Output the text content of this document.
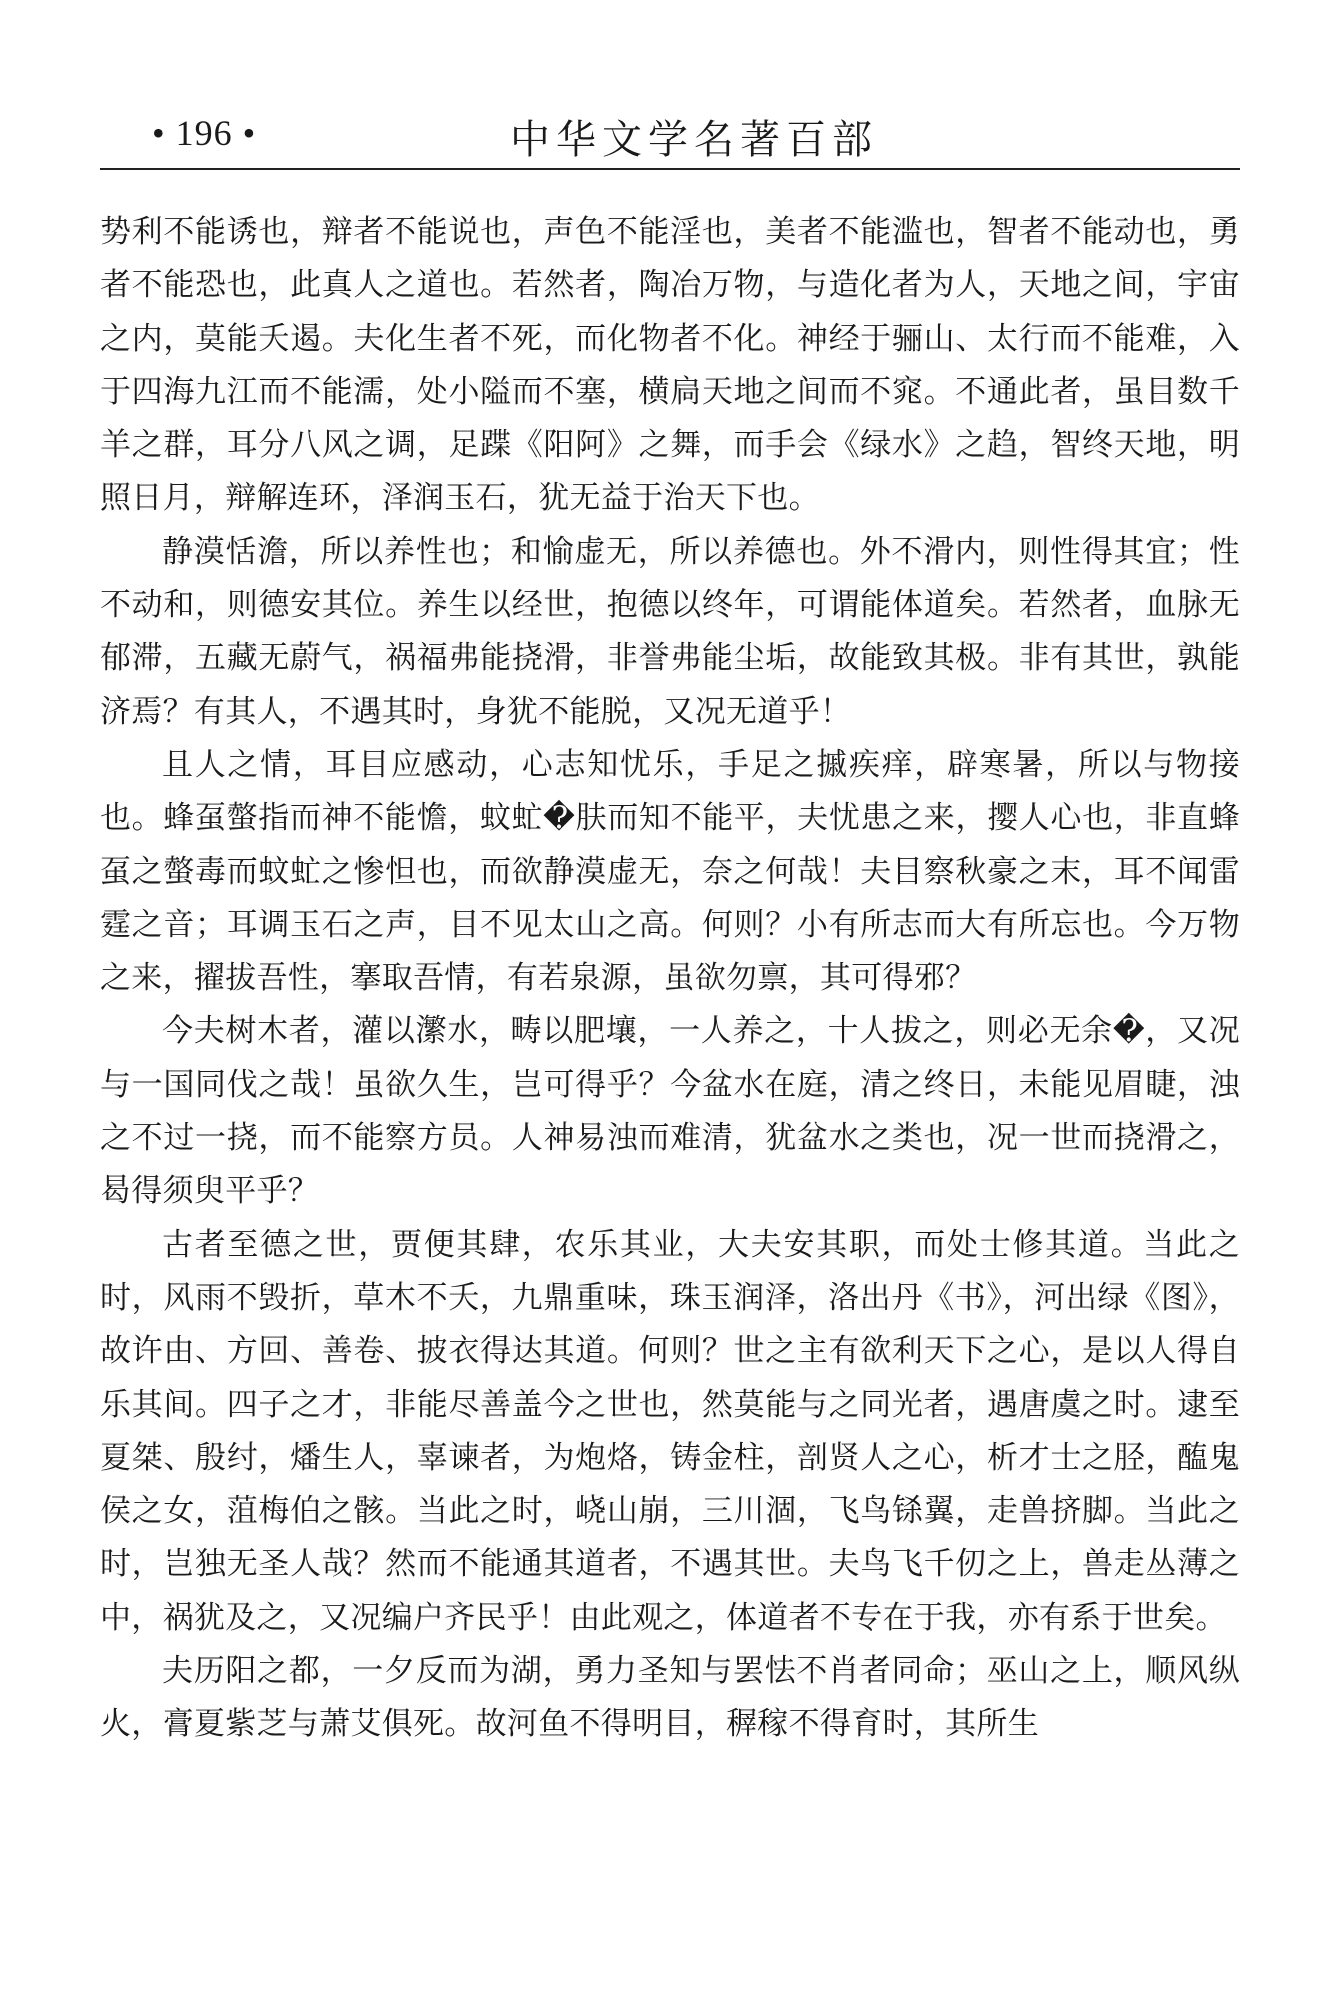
• 196 •	中华文学名著百部

势利不能诱也，辩者不能说也，声色不能淫也，美者不能滥也，智者不能动也，勇者不能恐也，此真人之道也。若然者，陶冶万物，与造化者为人，天地之间，宇宙之内，莫能夭遏。夫化生者不死，而化物者不化。神经于骊山、太行而不能难，入于四海九江而不能濡，处小隘而不塞，横扃天地之间而不窕。不通此者，虽目数千羊之群，耳分八风之调，足蹀《阳阿》之舞，而手会《绿水》之趋，智终天地，明照日月，辩解连环，泽润玉石，犹无益于治天下也。

静漠恬澹，所以养性也；和愉虚无，所以养德也。外不滑内，则性得其宜；性不动和，则德安其位。养生以经世，抱德以终年，可谓能体道矣。若然者，血脉无郁滞，五藏无蔚气，祸福弗能挠滑，非誉弗能尘垢，故能致其极。非有其世，孰能济焉？有其人，不遇其时，身犹不能脱，又况无道乎！

且人之情，耳目应感动，心志知忧乐，手足之摵疾痒，辟寒暑，所以与物接也。蜂虿螫指而神不能憺，蚊虻�肤而知不能平，夫忧患之来，撄人心也，非直蜂虿之螫毒而蚊虻之惨怛也，而欲静漠虚无，奈之何哉！夫目察秋豪之末，耳不闻雷霆之音；耳调玉石之声，目不见太山之高。何则？小有所志而大有所忘也。今万物之来，擢拔吾性，搴取吾情，有若泉源，虽欲勿禀，其可得邪？

今夫树木者，灌以瀿水，畴以肥壤，一人养之，十人拔之，则必无余�，又况与一国同伐之哉！虽欲久生，岂可得乎？今盆水在庭，清之终日，未能见眉睫，浊之不过一挠，而不能察方员。人神易浊而难清，犹盆水之类也，况一世而挠滑之，曷得须臾平乎？

古者至德之世，贾便其肆，农乐其业，大夫安其职，而处士修其道。当此之时，风雨不毁折，草木不夭，九鼎重味，珠玉润泽，洛出丹《书》，河出绿《图》，故许由、方回、善卷、披衣得达其道。何则？世之主有欲利天下之心，是以人得自乐其间。四子之才，非能尽善盖今之世也，然莫能与之同光者，遇唐虞之时。逮至夏桀、殷纣，燔生人，辜谏者，为炮烙，铸金柱，剖贤人之心，析才士之胫，醢鬼侯之女，菹梅伯之骸。当此之时，峣山崩，三川涸，飞鸟铩翼，走兽挤脚。当此之时，岂独无圣人哉？然而不能通其道者，不遇其世。夫鸟飞千仞之上，兽走丛薄之中，祸犹及之，又况编户齐民乎！由此观之，体道者不专在于我，亦有系于世矣。

夫历阳之都，一夕反而为湖，勇力圣知与罢怯不肖者同命；巫山之上，顺风纵火，膏夏紫芝与萧艾俱死。故河鱼不得明目，稺稼不得育时，其所生
